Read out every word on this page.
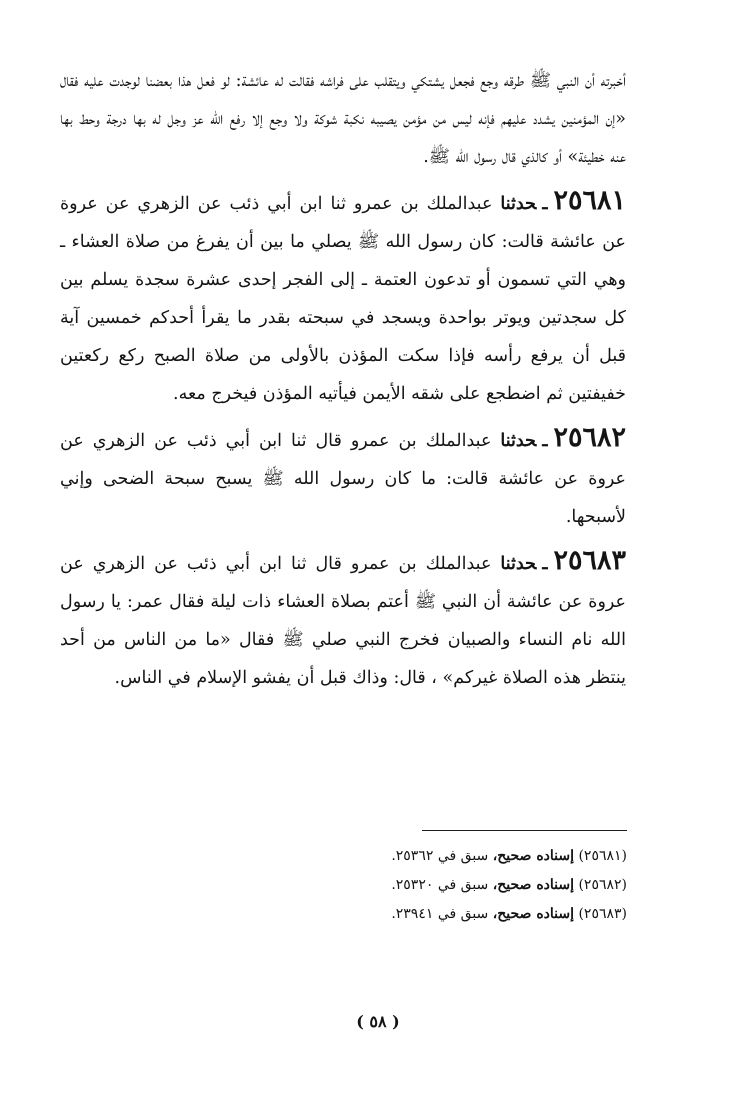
أخبرته أن النبي ﷺ طرقه وجع فجعل يشتكي ويتقلب على فراشه فقالت له عائشة: لو فعل هذا بعضنا لوجدت عليه فقال «إن المؤمنين يشدد عليهم فإنه ليس من مؤمن يصيبه نكبة شوكة ولا وجع إلا رفع الله عز وجل له بها درجة وحط بها عنه خطيئة» أو كالذي قال رسول الله ﷺ.

٢٥٦٨١ـحدثنا عبدالملك بن عمرو ثنا ابن أبي ذئب عن الزهري عن عروة عن عائشة قالت: كان رسول الله ﷺ يصلي ما بين أن يفرغ من صلاة العشاء ـ وهي التي تسمون أو تدعون العتمة ـ إلى الفجر إحدى عشرة سجدة يسلم بين كل سجدتين ويوتر بواحدة ويسجد في سبحته بقدر ما يقرأ أحدكم خمسين آية قبل أن يرفع رأسه فإذا سكت المؤذن بالأولى من صلاة الصبح ركع ركعتين خفيفتين ثم اضطجع على شقه الأيمن فيأتيه المؤذن فيخرج معه.

٢٥٦٨٢ـحدثنا عبدالملك بن عمرو قال ثنا ابن أبي ذئب عن الزهري عن عروة عن عائشة قالت: ما كان رسول الله ﷺ يسبح سبحة الضحى وإني لأسبحها.

٢٥٦٨٣ـحدثنا عبدالملك بن عمرو قال ثنا ابن أبي ذئب عن الزهري عن عروة عن عائشة أن النبي ﷺ أعتم بصلاة العشاء ذات ليلة فقال عمر: يا رسول الله نام النساء والصبيان فخرج النبي صلي ﷺ فقال «ما من الناس من أحد ينتظر هذه الصلاة غيركم» ، قال: وذاك قبل أن يفشو الإسلام في الناس.

(٢٥٦٨١) إسناده صحيح، سبق في ٢٥٣٦٢.
(٢٥٦٨٢) إسناده صحيح، سبق في ٢٥٣٢٠.
(٢٥٦٨٣) إسناده صحيح، سبق في ٢٣٩٤١.
( ٥٨ )
